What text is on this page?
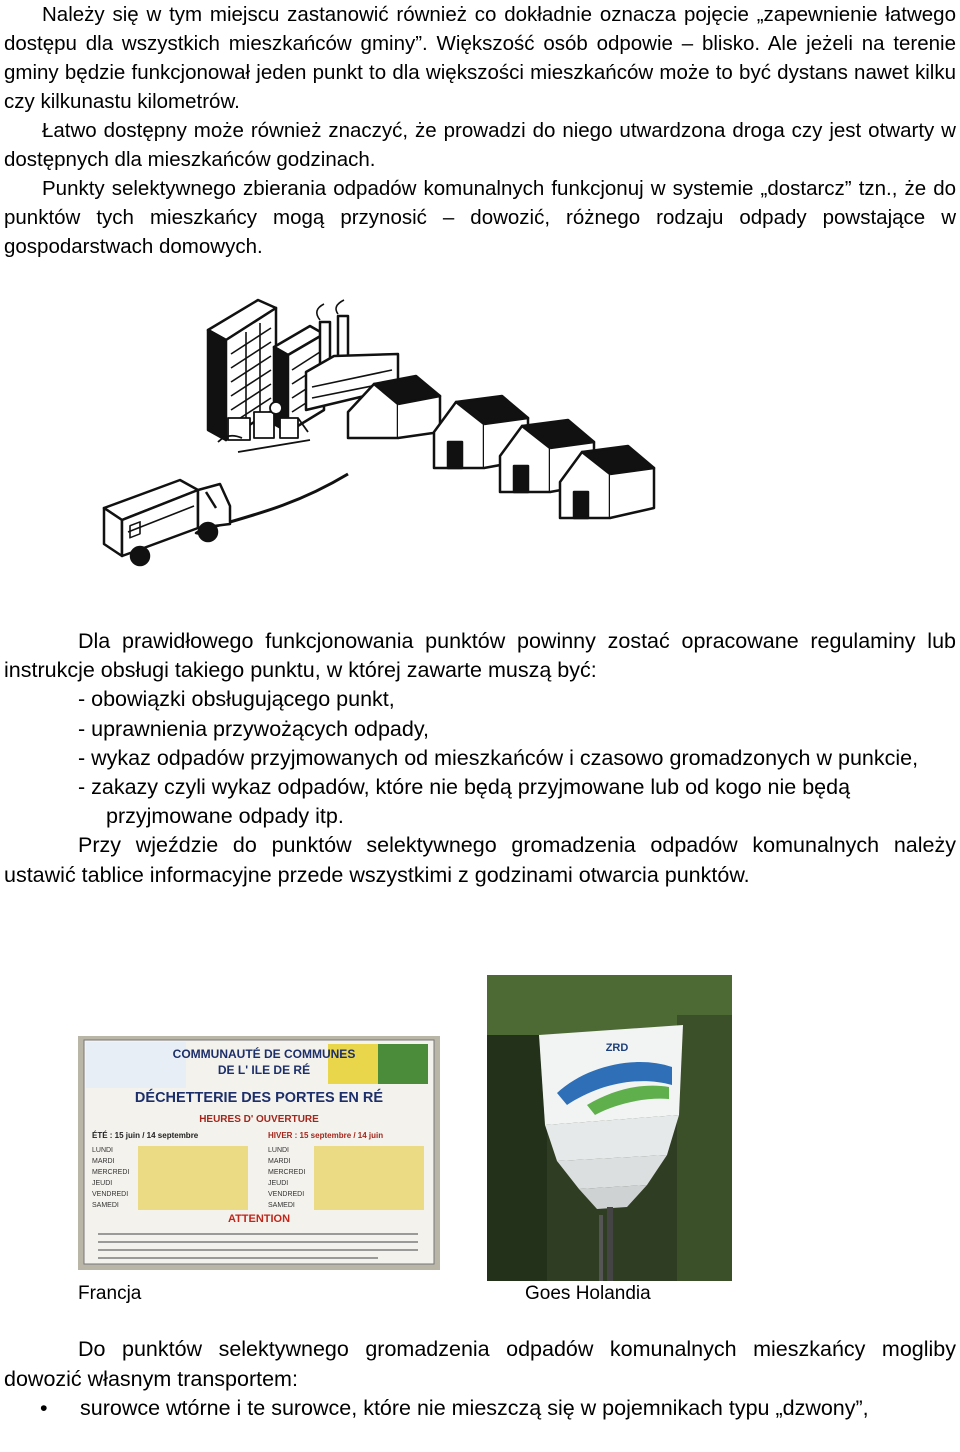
Należy się w tym miejscu zastanowić również co dokładnie oznacza pojęcie „zapewnienie łatwego dostępu dla wszystkich mieszkańców gminy”. Większość osób odpowie – blisko. Ale jeżeli na terenie gminy będzie funkcjonował jeden punkt to dla większości mieszkańców może to być dystans nawet kilku czy kilkunastu kilometrów.

Łatwo dostępny może również znaczyć, że prowadzi do niego utwardzona droga czy jest otwarty w dostępnych dla mieszkańców godzinach.

Punkty selektywnego zbierania odpadów komunalnych funkcjonuj w systemie „dostarcz” tzn., że do punktów tych mieszkańcy mogą przynosić – dowozić, różnego rodzaju odpady powstające w gospodarstwach domowych.

Dla prawidłowego funkcjonowania punktów powinny zostać opracowane regulaminy lub instrukcje obsługi takiego punktu, w której zawarte muszą być:

- obowiązki obsługującego punkt,

- uprawnienia przywożących odpady,

- wykaz odpadów przyjmowanych od mieszkańców i czasowo gromadzonych w punkcie,

- zakazy czyli wykaz odpadów, które nie będą przyjmowane lub od kogo nie będą przyjmowane odpady itp.

Przy wjeździe do punktów selektywnego gromadzenia odpadów komunalnych należy ustawić tablice informacyjne przede wszystkimi z godzinami otwarcia punktów.

COMMUNAUTÉ DE COMMUNES
DE L' ILE DE RÉ
DÉCHETTERIE DES PORTES EN RÉ
HEURES D' OUVERTURE
ÉTÉ : 15 juin / 14 septembre	HIVER : 15 septembre / 14 juin
LUNDI
MARDI
MERCREDI
JEUDI
VENDREDI
SAMEDI
LUNDI
MARDI
MERCREDI
JEUDI
VENDREDI
SAMEDI
ATTENTION
ZRD
Francja	Goes Holandia

Do punktów selektywnego gromadzenia odpadów komunalnych mieszkańcy mogliby dowozić własnym transportem:

• surowce wtórne i te surowce, które nie mieszczą się w pojemnikach typu „dzwony”,
